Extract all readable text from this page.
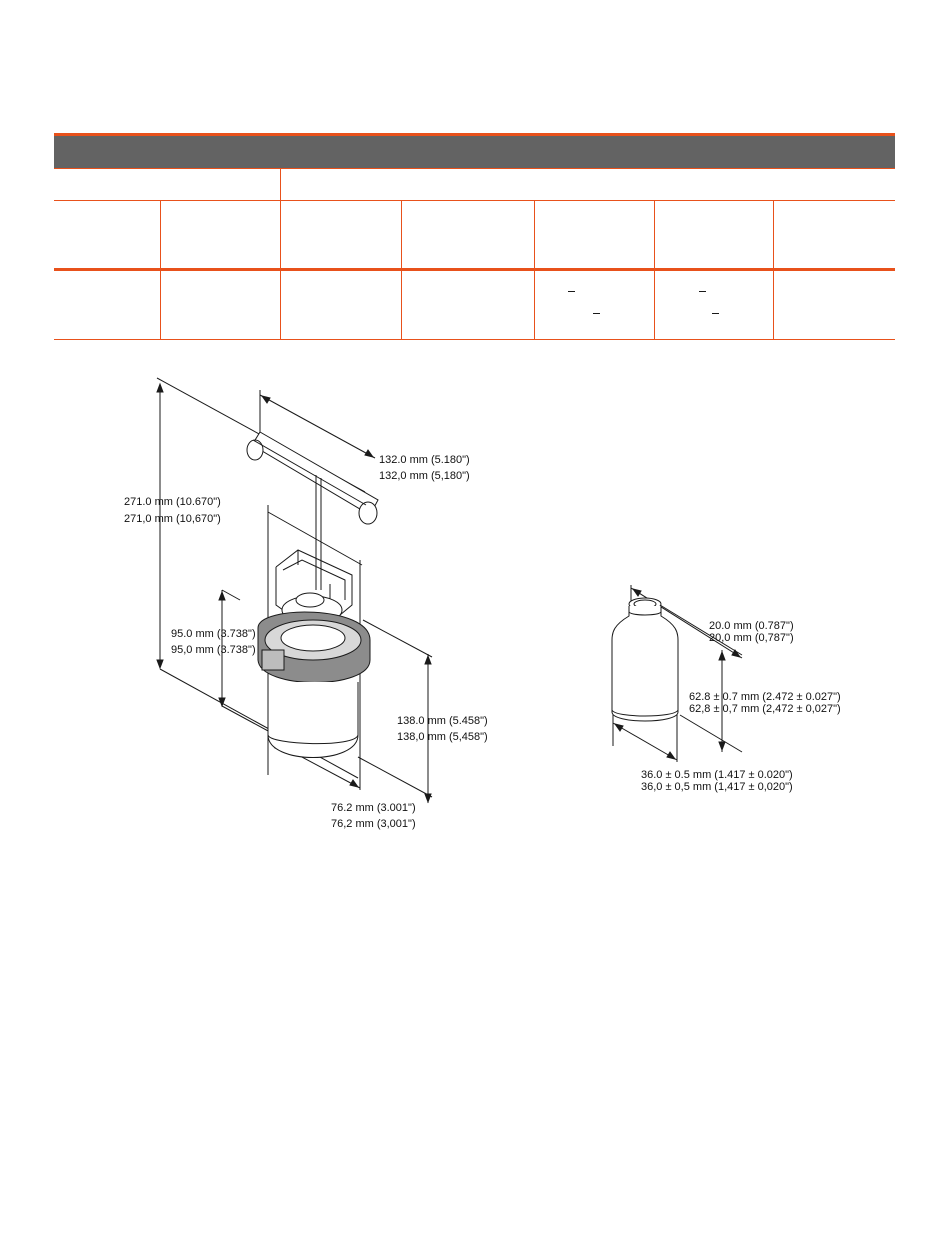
271.0 mm (10.670")
271,0 mm (10,670")
132.0 mm (5.180")
132,0 mm (5,180")
95.0 mm (3.738")
95,0 mm (3.738")
138.0 mm (5.458")
138,0 mm (5,458")
76.2 mm (3.001")
76,2 mm (3,001")
20.0 mm (0.787")
20,0 mm (0,787")
62.8 ± 0.7 mm (2.472 ± 0.027")
62,8 ± 0,7 mm (2,472 ± 0,027")
36.0 ± 0.5 mm (1.417 ± 0.020")
36,0 ± 0,5 mm (1,417 ± 0,020")
